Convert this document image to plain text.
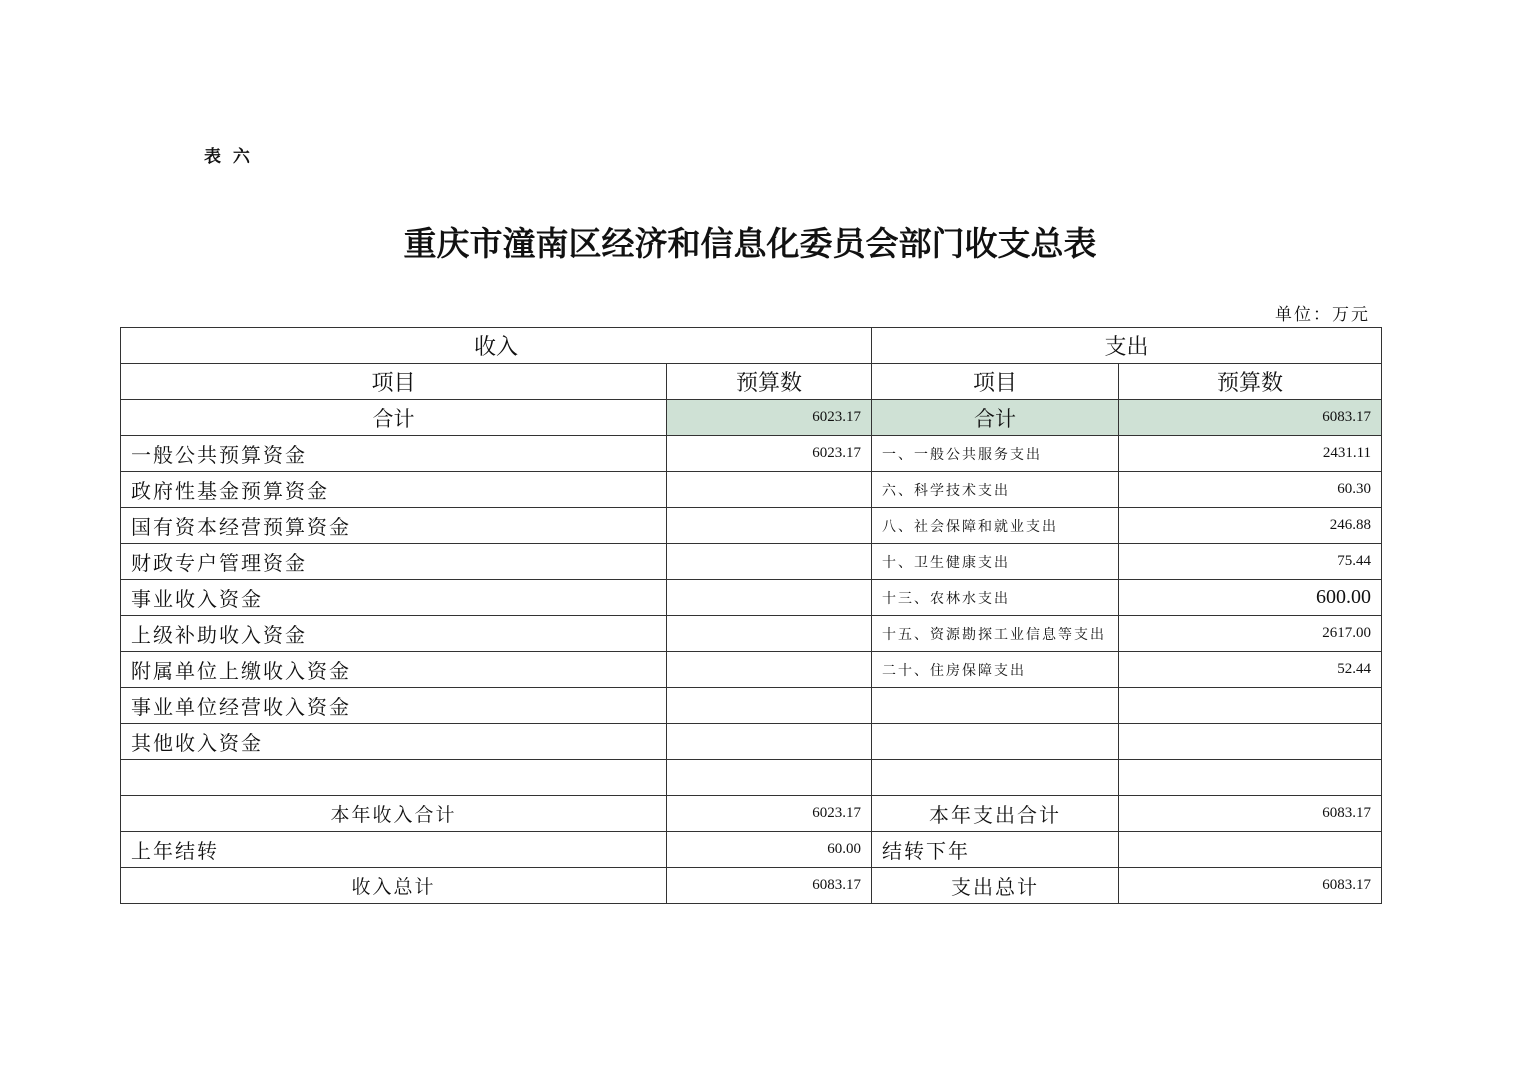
表 六
重庆市潼南区经济和信息化委员会部门收支总表
单位：万元
收入		支出	
项目	预算数	项目	预算数
合计	6023.17	合计	6083.17
一般公共预算资金	6023.17	一、一般公共服务支出	2431.11
政府性基金预算资金		六、科学技术支出	60.30
国有资本经营预算资金		八、社会保障和就业支出	246.88
财政专户管理资金		十、卫生健康支出	75.44
事业收入资金		十三、农林水支出	600.00
上级补助收入资金		十五、资源勘探工业信息等支出	2617.00
附属单位上缴收入资金		二十、住房保障支出	52.44
事业单位经营收入资金			
其他收入资金			

本年收入合计	6023.17	本年支出合计	6083.17
上年结转	60.00	结转下年	
收入总计	6083.17	支出总计	6083.17
